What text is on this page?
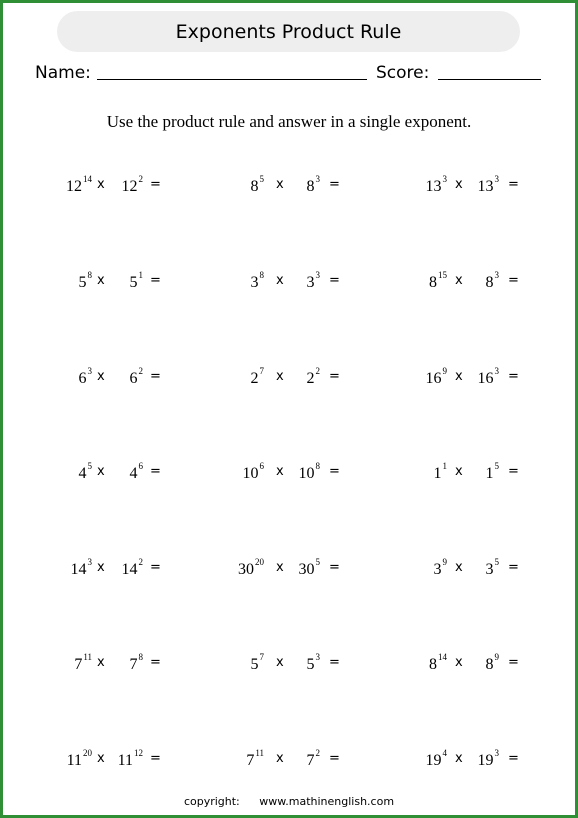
Exponents Product Rule
Name:	Score:
Use the product rule and answer in a single exponent.
$12^{14}$ x $12^2$ =	$8^5$ x $8^3$ =	$13^3$ x $13^3$ =
$5^8$ x $5^1$ =	$3^8$ x $3^3$ =	$8^{15}$ x $8^3$ =
$6^3$ x $6^2$ =	$2^7$ x $2^2$ =	$16^9$ x $16^3$ =
$4^5$ x $4^6$ =	$10^6$ x $10^8$ =	$1^1$ x $1^5$ =
$14^3$ x $14^2$ =	$30^{20}$ x $30^5$ =	$3^9$ x $3^5$ =
$7^{11}$ x $7^8$ =	$5^7$ x $5^3$ =	$8^{14}$ x $8^9$ =
$11^{20}$ x $11^{12}$ =	$7^{11}$ x $7^2$ =	$19^4$ x $19^3$ =
copyright: www.mathinenglish.com
